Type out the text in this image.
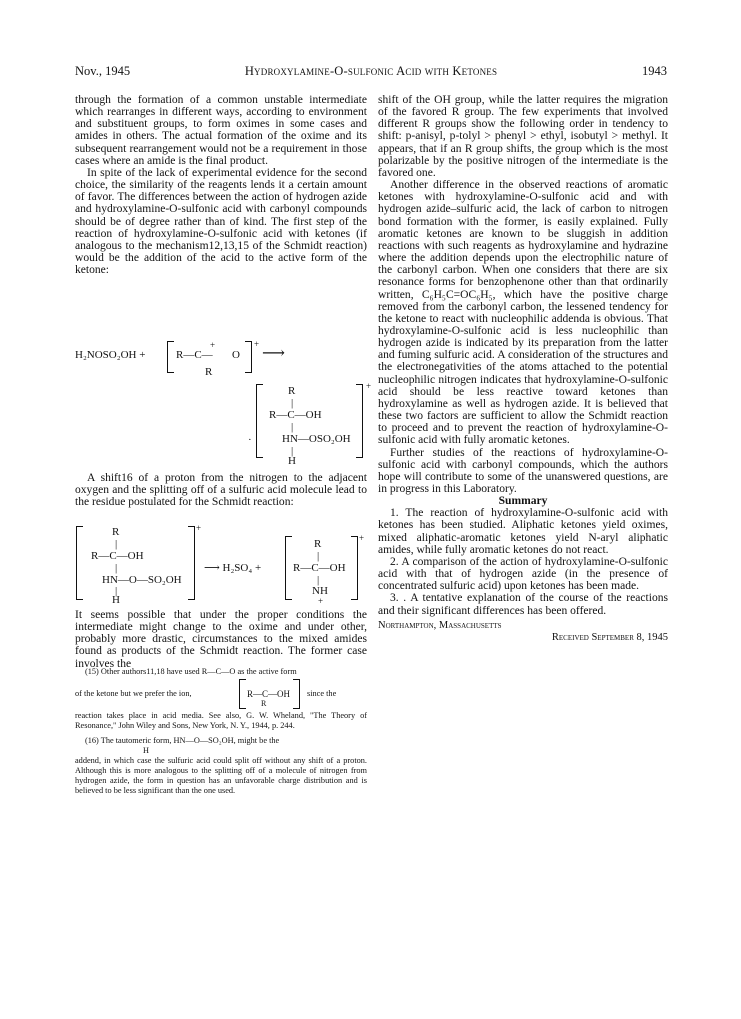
Nov., 1945	Hydroxylamine-O-sulfonic Acid with Ketones	1943

through the formation of a common unstable intermediate which rearranges in different ways, according to environment and substituent groups, to form oximes in some cases and amides in others. The actual formation of the oxime and its subsequent rearrangement would not be a requirement in those cases where an amide is the final product.

In spite of the lack of experimental evidence for the second choice, the similarity of the reagents lends it a certain amount of favor. The differences between the action of hydrogen azide and hydroxylamine-O-sulfonic acid with carbonyl compounds should be of degree rather than of kind. The first step of the reaction of hydroxylamine-O-sulfonic acid with ketones (if analogous to the mechanism12,13,15 of the Schmidt reaction) would be the addition of the acid to the active form of the ketone:

H₂NOSO₂OH +	R—C—
+
O
R
+
⟶
·
R
|
R—C—OH
|
HN—OSO₂OH
|
H
+

A shift16 of a proton from the nitrogen to the adjacent oxygen and the splitting off of a sulfuric acid molecule lead to the residue postulated for the Schmidt reaction:

R
|
R—C—OH
|
HN—O—SO₂OH
|
H
+
⟶ H₂SO₄ +
R
|
R—C—OH
|
NH
+
+

It seems possible that under the proper conditions the intermediate might change to the oxime and under other, probably more drastic, circumstances to the mixed amides found as products of the Schmidt reaction. The former case involves the

(15) Other authors11,18 have used R—C—O as the active form
of the ketone but we prefer the ion,	R—C—OH
R
since the
reaction takes place in acid media. See also, G. W. Wheland, "The Theory of Resonance," John Wiley and Sons, New York, N. Y., 1944, p. 244.
(16) The tautomeric form, HN—O—SO₂OH, might be the
H
addend, in which case the sulfuric acid could split off without any shift of a proton. Although this is more analogous to the splitting off of a molecule of nitrogen from hydrogen azide, the form in question has an unfavorable charge distribution and is believed to be less significant than the one used.

shift of the OH group, while the latter requires the migration of the favored R group. The few experiments that involved different R groups show the following order in tendency to shift: p-anisyl, p-tolyl > phenyl > ethyl, isobutyl > methyl. It appears, that if an R group shifts, the group which is the most polarizable by the positive nitrogen of the intermediate is the favored one.

Another difference in the observed reactions of aromatic ketones with hydroxylamine-O-sulfonic acid and with hydrogen azide–sulfuric acid, the lack of carbon to nitrogen bond formation with the former, is easily explained. Fully aromatic ketones are known to be sluggish in addition reactions with such reagents as hydroxylamine and hydrazine where the addition depends upon the electrophilic nature of the carbonyl carbon. When one considers that there are six resonance forms for benzophenone other than that ordinarily written, C₆H₅C=OC₆H₅, which have the positive charge removed from the carbonyl carbon, the lessened tendency for the ketone to react with nucleophilic addenda is obvious. That hydroxylamine-O-sulfonic acid is less nucleophilic than hydrogen azide is indicated by its preparation from the latter and fuming sulfuric acid. A consideration of the structures and the electronegativities of the atoms attached to the potential nucleophilic nitrogen indicates that hydroxylamine-O-sulfonic acid should be less reactive toward ketones than hydroxylamine as well as hydrogen azide. It is believed that these two factors are sufficient to allow the Schmidt reaction to proceed and to prevent the reaction of hydroxylamine-O-sulfonic acid with fully aromatic ketones.

Further studies of the reactions of hydroxylamine-O-sulfonic acid with carbonyl compounds, which the authors hope will contribute to some of the unanswered questions, are in progress in this Laboratory.

Summary

1. The reaction of hydroxylamine-O-sulfonic acid with ketones has been studied. Aliphatic ketones yield oximes, mixed aliphatic-aromatic ketones yield N-aryl aliphatic amides, while fully aromatic ketones do not react.

2. A comparison of the action of hydroxylamine-O-sulfonic acid with that of hydrogen azide (in the presence of concentrated sulfuric acid) upon ketones has been made.

3. . A tentative explanation of the course of the reactions and their significant differences has been offered.

Northampton, Massachusetts

Received September 8, 1945
